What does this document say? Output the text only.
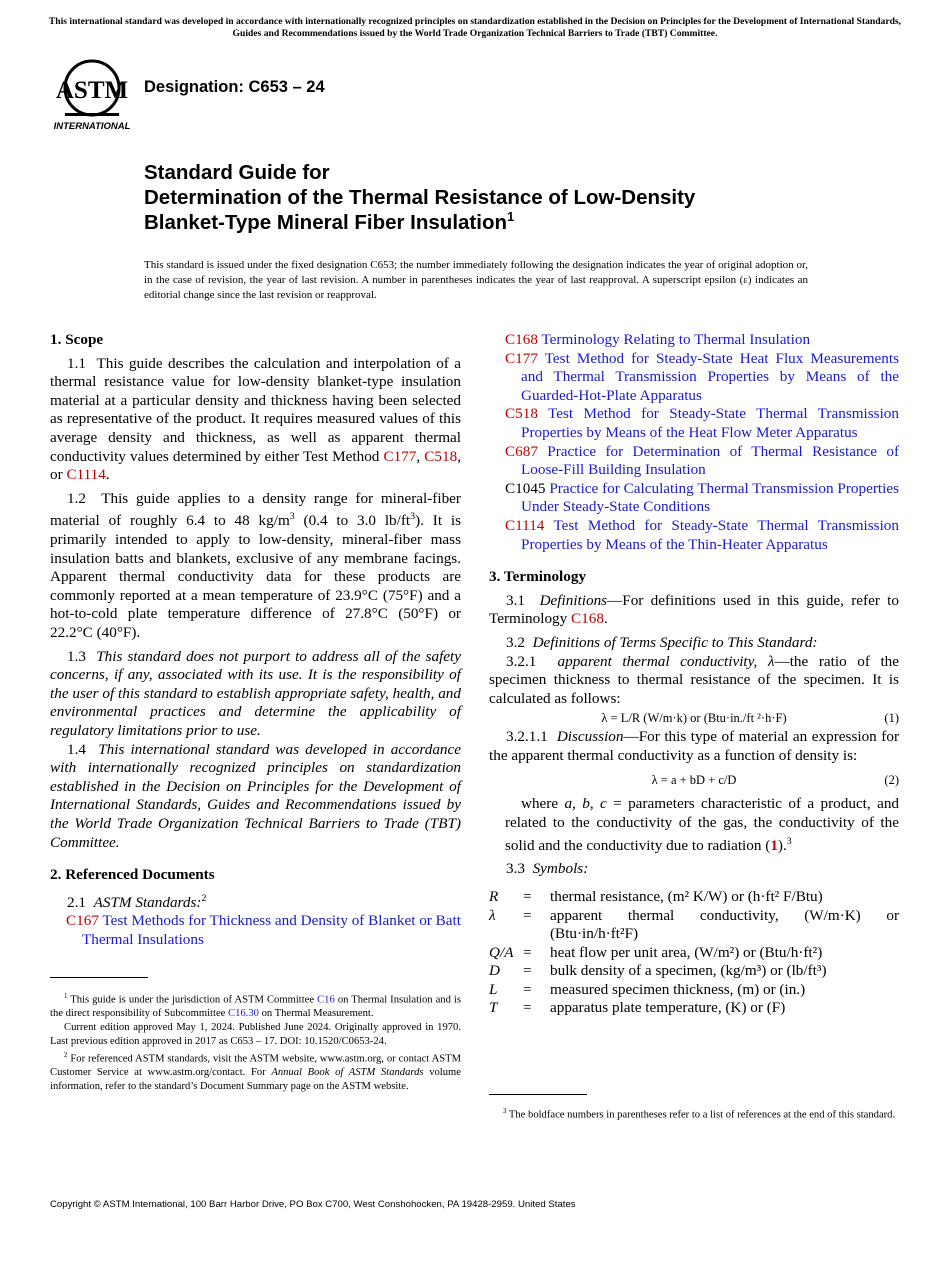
This international standard was developed in accordance with internationally recognized principles on standardization established in the Decision on Principles for the Development of International Standards, Guides and Recommendations issued by the World Trade Organization Technical Barriers to Trade (TBT) Committee.
ASTM
INTERNATIONAL
Designation: C653 – 24
Standard Guide for
Determination of the Thermal Resistance of Low-Density
Blanket-Type Mineral Fiber Insulation$^1$
This standard is issued under the fixed designation C653; the number immediately following the designation indicates the year of original adoption or, in the case of revision, the year of last revision. A number in parentheses indicates the year of last reapproval. A superscript epsilon (ε) indicates an editorial change since the last revision or reapproval.
1. Scope

1.1 This guide describes the calculation and interpolation of a thermal resistance value for low-density blanket-type insulation material at a particular density and thickness having been selected as representative of the product. It requires measured values of this average density and thickness, as well as apparent thermal conductivity values determined by either Test Method C177, C518, or C1114.

1.2 This guide applies to a density range for mineral-fiber material of roughly 6.4 to 48 $kg/m^3$ (0.4 to 3.0 $lb/ft^3$). It is primarily intended to apply to low-density, mineral-fiber mass insulation batts and blankets, exclusive of any membrane facings. Apparent thermal conductivity data for these products are commonly reported at a mean temperature of 23.9°C (75°F) and a hot-to-cold plate temperature difference of 27.8°C (50°F) or 22.2°C (40°F).

1.3 This standard does not purport to address all of the safety concerns, if any, associated with its use. It is the responsibility of the user of this standard to establish appropriate safety, health, and environmental practices and determine the applicability of regulatory limitations prior to use.

1.4 This international standard was developed in accordance with internationally recognized principles on standardization established in the Decision on Principles for the Development of International Standards, Guides and Recommendations issued by the World Trade Organization Technical Barriers to Trade (TBT) Committee.

2. Referenced Documents

2.1 ASTM Standards:$^2$

C167 Test Methods for Thickness and Density of Blanket or Batt Thermal Insulations

C168 Terminology Relating to Thermal Insulation

C177 Test Method for Steady-State Heat Flux Measurements and Thermal Transmission Properties by Means of the Guarded-Hot-Plate Apparatus

C518 Test Method for Steady-State Thermal Transmission Properties by Means of the Heat Flow Meter Apparatus

C687 Practice for Determination of Thermal Resistance of Loose-Fill Building Insulation

C1045 Practice for Calculating Thermal Transmission Properties Under Steady-State Conditions

C1114 Test Method for Steady-State Thermal Transmission Properties by Means of the Thin-Heater Apparatus

3. Terminology

3.1 Definitions—For definitions used in this guide, refer to Terminology C168.

3.2 Definitions of Terms Specific to This Standard:

3.2.1 apparent thermal conductivity, λ—the ratio of the specimen thickness to thermal resistance of the specimen. It is calculated as follows:

λ = L/R (W/m·k) or (Btu·in./ft ²·h·F)	(1)

3.2.1.1 Discussion—For this type of material an expression for the apparent thermal conductivity as a function of density is:

λ = a + bD + c/D	(2)

where a, b, c = parameters characteristic of a product, and related to the conductivity of the gas, the conductivity of the solid and the conductivity due to radiation (1).$^3$

3.3 Symbols:

R	=	thermal resistance, (m² K/W) or (h·ft² F/Btu)
λ	=	apparent thermal conductivity, (W/m·K) or (Btu·in/h·ft²F)
Q/A =	heat flow per unit area, (W/m²) or (Btu/h·ft²)
D	=	bulk density of a specimen, (kg/m³) or (lb/ft³)
L	=	measured specimen thickness, (m) or (in.)
T	=	apparatus plate temperature, (K) or (F)

$^1$ This guide is under the jurisdiction of ASTM Committee C16 on Thermal Insulation and is the direct responsibility of Subcommittee C16.30 on Thermal Measurement.

Current edition approved May 1, 2024. Published June 2024. Originally approved in 1970. Last previous edition approved in 2017 as C653 – 17. DOI: 10.1520/C0653-24.

$^2$ For referenced ASTM standards, visit the ASTM website, www.astm.org, or contact ASTM Customer Service at www.astm.org/contact. For Annual Book of ASTM Standards volume information, refer to the standard’s Document Summary page on the ASTM website.

$^3$ The boldface numbers in parentheses refer to a list of references at the end of this standard.

Copyright © ASTM International, 100 Barr Harbor Drive, PO Box C700, West Conshohocken, PA 19428-2959. United States
